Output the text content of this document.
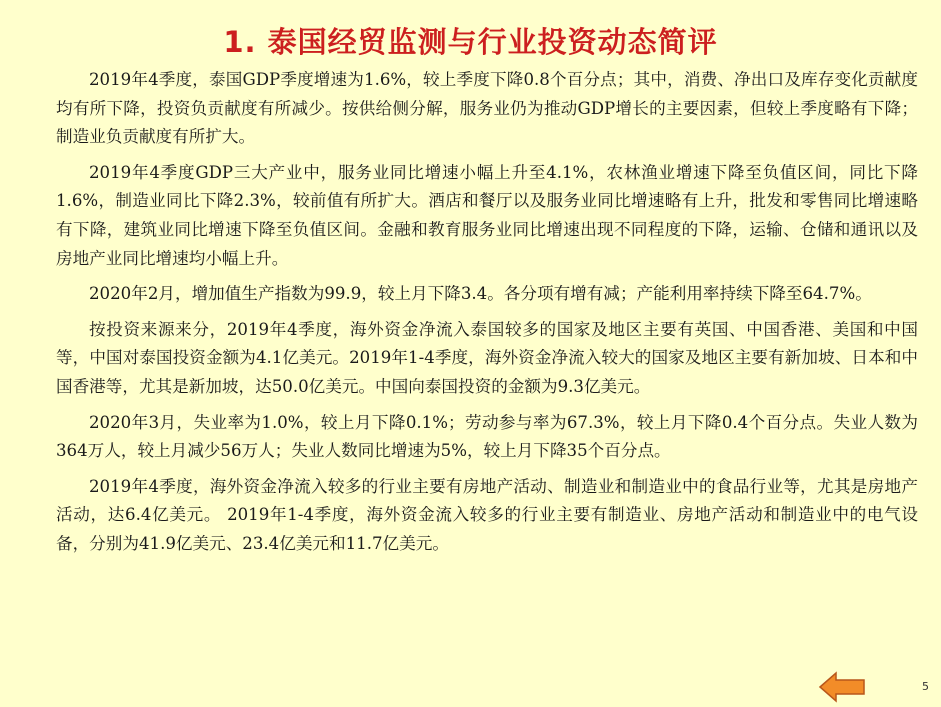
1. 泰国经贸监测与行业投资动态简评

2019年4季度，泰国GDP季度增速为1.6%，较上季度下降0.8个百分点；其中，消费、净出口及库存变化贡献度均有所下降，投资负贡献度有所减少。按供给侧分解，服务业仍为推动GDP增长的主要因素，但较上季度略有下降；制造业负贡献度有所扩大。

2019年4季度GDP三大产业中，服务业同比增速小幅上升至4.1%，农林渔业增速下降至负值区间，同比下降1.6%，制造业同比下降2.3%，较前值有所扩大。酒店和餐厅以及服务业同比增速略有上升，批发和零售同比增速略有下降，建筑业同比增速下降至负值区间。金融和教育服务业同比增速出现不同程度的下降，运输、仓储和通讯以及房地产业同比增速均小幅上升。

2020年2月，增加值生产指数为99.9，较上月下降3.4。各分项有增有减；产能利用率持续下降至64.7%。

按投资来源来分，2019年4季度，海外资金净流入泰国较多的国家及地区主要有英国、中国香港、美国和中国等，中国对泰国投资金额为4.1亿美元。2019年1-4季度，海外资金净流入较大的国家及地区主要有新加坡、日本和中国香港等，尤其是新加坡，达50.0亿美元。中国向泰国投资的金额为9.3亿美元。

2020年3月，失业率为1.0%，较上月下降0.1%；劳动参与率为67.3%，较上月下降0.4个百分点。失业人数为364万人，较上月减少56万人；失业人数同比增速为5%，较上月下降35个百分点。

2019年4季度，海外资金净流入较多的行业主要有房地产活动、制造业和制造业中的食品行业等，尤其是房地产活动，达6.4亿美元。 2019年1-4季度，海外资金流入较多的行业主要有制造业、房地产活动和制造业中的电气设备，分别为41.9亿美元、23.4亿美元和11.7亿美元。

5
